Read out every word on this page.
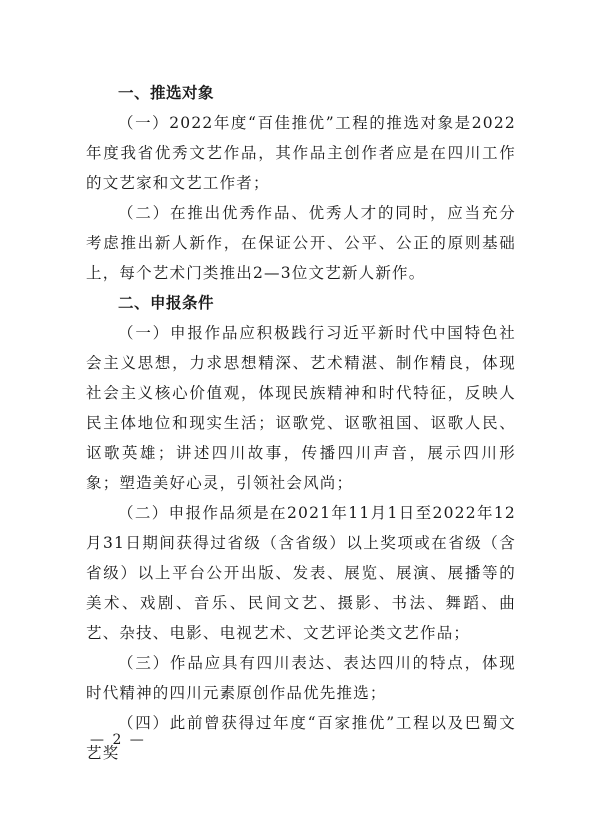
一、推选对象

（一）2022年度“百佳推优”工程的推选对象是2022年度我省优秀文艺作品，其作品主创作者应是在四川工作的文艺家和文艺工作者；

（二）在推出优秀作品、优秀人才的同时，应当充分考虑推出新人新作，在保证公开、公平、公正的原则基础上，每个艺术门类推出2—3位文艺新人新作。

二、申报条件

（一）申报作品应积极践行习近平新时代中国特色社会主义思想，力求思想精深、艺术精湛、制作精良，体现社会主义核心价值观，体现民族精神和时代特征，反映人民主体地位和现实生活；讴歌党、讴歌祖国、讴歌人民、讴歌英雄；讲述四川故事，传播四川声音，展示四川形象；塑造美好心灵，引领社会风尚；

（二）申报作品须是在2021年11月1日至2022年12月31日期间获得过省级（含省级）以上奖项或在省级（含省级）以上平台公开出版、发表、展览、展演、展播等的美术、戏剧、音乐、民间文艺、摄影、书法、舞蹈、曲艺、杂技、电影、电视艺术、文艺评论类文艺作品；

（三）作品应具有四川表达、表达四川的特点，体现时代精神的四川元素原创作品优先推选；

（四）此前曾获得过年度“百家推优”工程以及巴蜀文艺奖

— 2 —
